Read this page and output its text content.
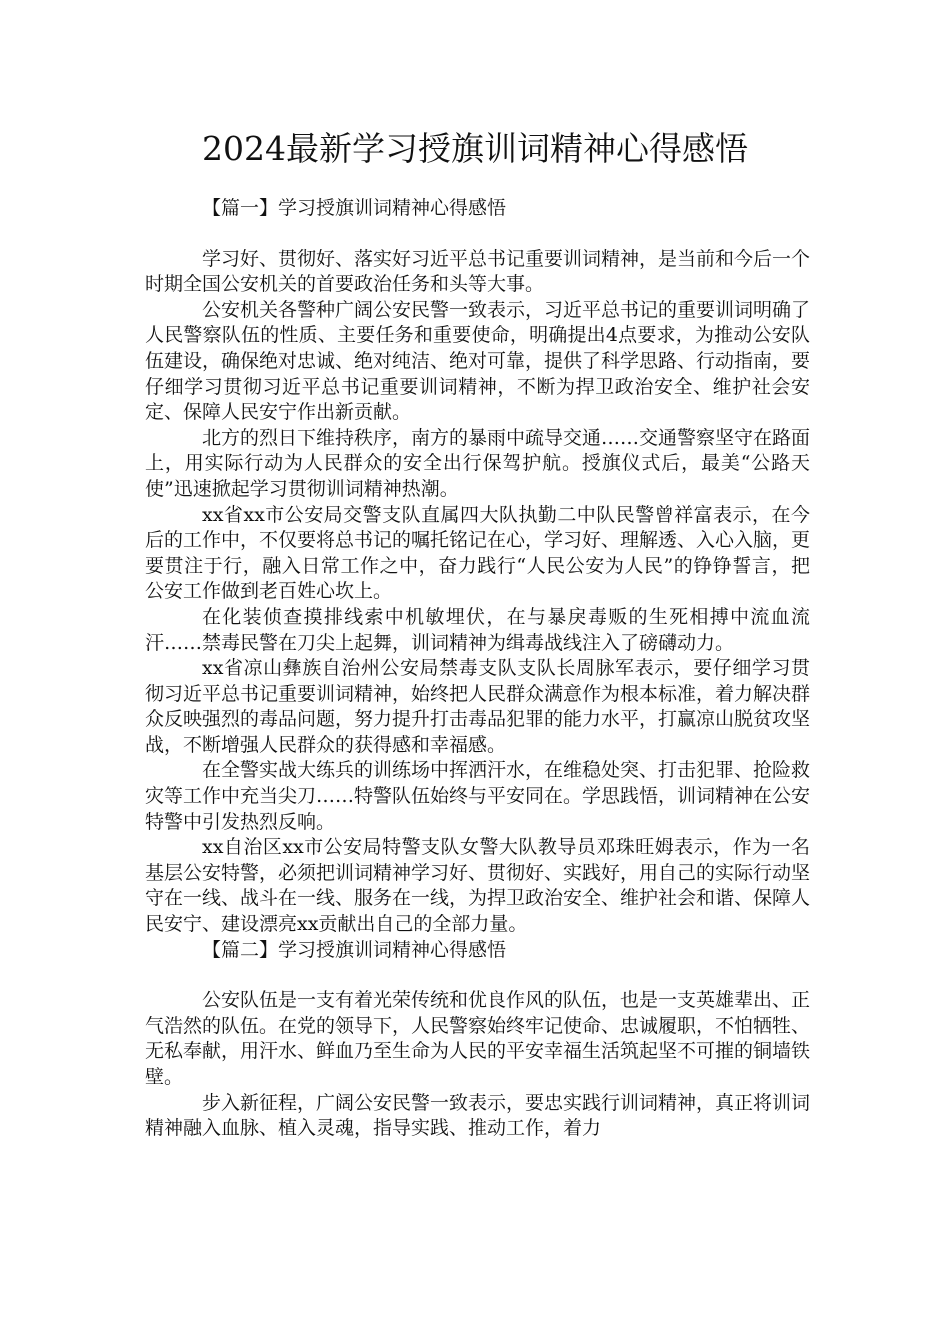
2024最新学习授旗训词精神心得感悟

【篇一】学习授旗训词精神心得感悟

学习好、贯彻好、落实好习近平总书记重要训词精神，是当前和今后一个时期全国公安机关的首要政治任务和头等大事。

公安机关各警种广阔公安民警一致表示，习近平总书记的重要训词明确了人民警察队伍的性质、主要任务和重要使命，明确提出4点要求，为推动公安队伍建设，确保绝对忠诚、绝对纯洁、绝对可靠，提供了科学思路、行动指南，要仔细学习贯彻习近平总书记重要训词精神，不断为捍卫政治安全、维护社会安定、保障人民安宁作出新贡献。

北方的烈日下维持秩序，南方的暴雨中疏导交通……交通警察坚守在路面上，用实际行动为人民群众的安全出行保驾护航。授旗仪式后，最美“公路天使”迅速掀起学习贯彻训词精神热潮。

xx省xx市公安局交警支队直属四大队执勤二中队民警曾祥富表示，在今后的工作中，不仅要将总书记的嘱托铭记在心，学习好、理解透、入心入脑，更要贯注于行，融入日常工作之中，奋力践行“人民公安为人民”的铮铮誓言，把公安工作做到老百姓心坎上。

在化装侦查摸排线索中机敏埋伏，在与暴戾毒贩的生死相搏中流血流汗……禁毒民警在刀尖上起舞，训词精神为缉毒战线注入了磅礴动力。

xx省凉山彝族自治州公安局禁毒支队支队长周脉军表示，要仔细学习贯彻习近平总书记重要训词精神，始终把人民群众满意作为根本标准，着力解决群众反映强烈的毒品问题，努力提升打击毒品犯罪的能力水平，打赢凉山脱贫攻坚战，不断增强人民群众的获得感和幸福感。

在全警实战大练兵的训练场中挥洒汗水，在维稳处突、打击犯罪、抢险救灾等工作中充当尖刀……特警队伍始终与平安同在。学思践悟，训词精神在公安特警中引发热烈反响。

xx自治区xx市公安局特警支队女警大队教导员邓珠旺姆表示，作为一名基层公安特警，必须把训词精神学习好、贯彻好、实践好，用自己的实际行动坚守在一线、战斗在一线、服务在一线，为捍卫政治安全、维护社会和谐、保障人民安宁、建设漂亮xx贡献出自己的全部力量。

【篇二】学习授旗训词精神心得感悟

公安队伍是一支有着光荣传统和优良作风的队伍，也是一支英雄辈出、正气浩然的队伍。在党的领导下，人民警察始终牢记使命、忠诚履职，不怕牺牲、无私奉献，用汗水、鲜血乃至生命为人民的平安幸福生活筑起坚不可摧的铜墙铁壁。

步入新征程，广阔公安民警一致表示，要忠实践行训词精神，真正将训词精神融入血脉、植入灵魂，指导实践、推动工作，着力
